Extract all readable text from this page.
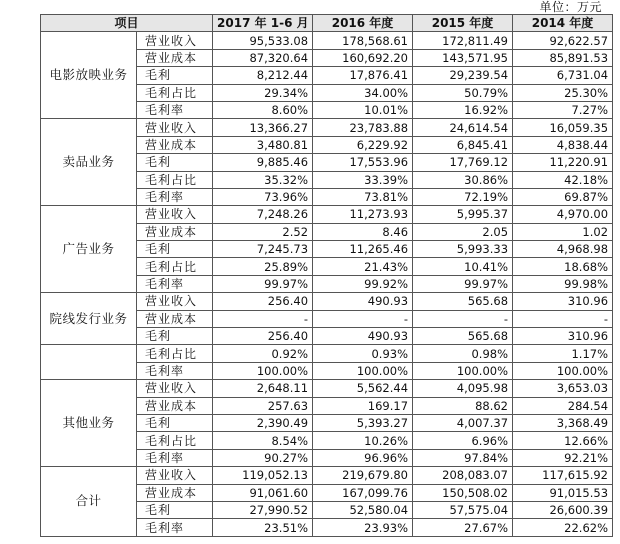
单位：万元
项目		2017 年 1-6 月	2016 年度	2015 年度	2014 年度
电影放映业务	营业收入	95,533.08	178,568.61	172,811.49	92,622.57
	营业成本	87,320.64	160,692.20	143,571.95	85,891.53
	毛利	8,212.44	17,876.41	29,239.54	6,731.04
	毛利占比	29.34%	34.00%	50.79%	25.30%
	毛利率	8.60%	10.01%	16.92%	7.27%
卖品业务	营业收入	13,366.27	23,783.88	24,614.54	16,059.35
	营业成本	3,480.81	6,229.92	6,845.41	4,838.44
	毛利	9,885.46	17,553.96	17,769.12	11,220.91
	毛利占比	35.32%	33.39%	30.86%	42.18%
	毛利率	73.96%	73.81%	72.19%	69.87%
广告业务	营业收入	7,248.26	11,273.93	5,995.37	4,970.00
	营业成本	2.52	8.46	2.05	1.02
	毛利	7,245.73	11,265.46	5,993.33	4,968.98
	毛利占比	25.89%	21.43%	10.41%	18.68%
	毛利率	99.97%	99.92%	99.97%	99.98%
院线发行业务	营业收入	256.40	490.93	565.68	310.96
	营业成本	-	-	-	-
	毛利	256.40	490.93	565.68	310.96
	毛利占比	0.92%	0.93%	0.98%	1.17%
	毛利率	100.00%	100.00%	100.00%	100.00%
其他业务	营业收入	2,648.11	5,562.44	4,095.98	3,653.03
	营业成本	257.63	169.17	88.62	284.54
	毛利	2,390.49	5,393.27	4,007.37	3,368.49
	毛利占比	8.54%	10.26%	6.96%	12.66%
	毛利率	90.27%	96.96%	97.84%	92.21%
合计	营业收入	119,052.13	219,679.80	208,083.07	117,615.92
	营业成本	91,061.60	167,099.76	150,508.02	91,015.53
	毛利	27,990.52	52,580.04	57,575.04	26,600.39
	毛利率	23.51%	23.93%	27.67%	22.62%
